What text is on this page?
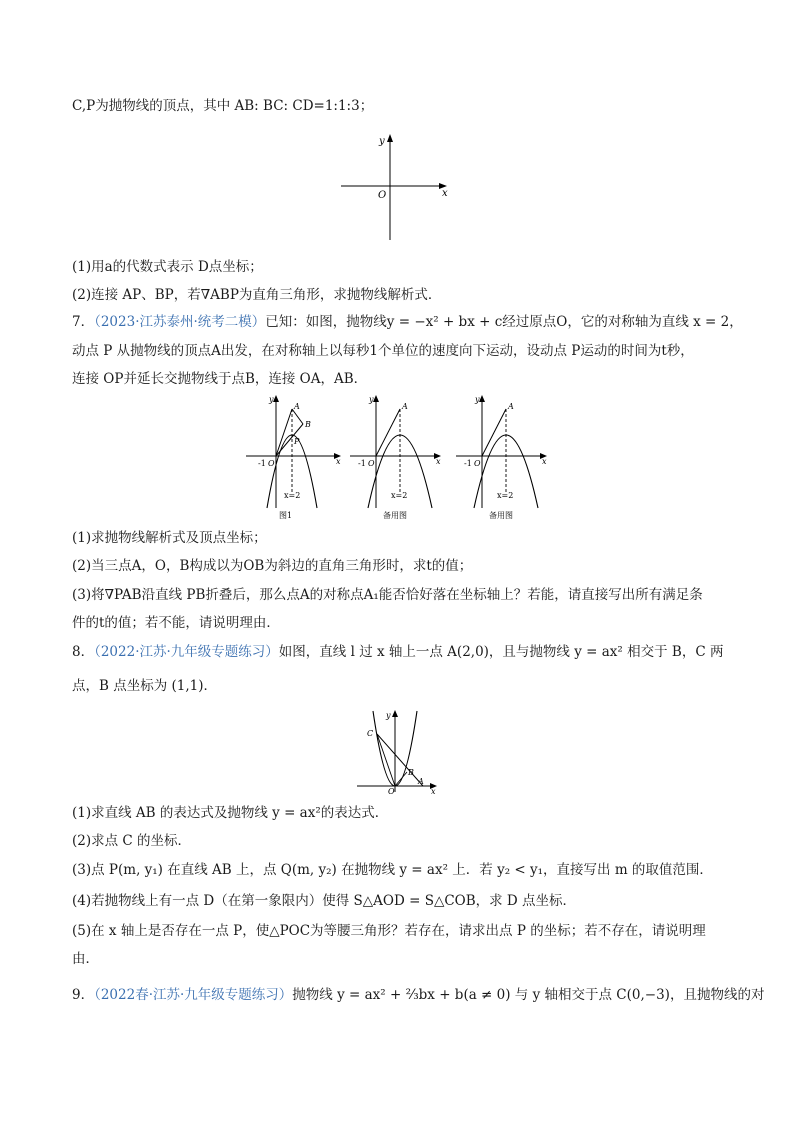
C,P为抛物线的顶点，其中 AB: BC: CD=1:1:3；
y
x
O
(1)用a的代数式表示 D点坐标；
(2)连接 AP、BP，若∇ABP为直角三角形，求抛物线解析式．
7．（2023·江苏泰州·统考二模）已知：如图，抛物线y = −x² + bx + c经过原点O，它的对称轴为直线 x = 2，
动点 P 从抛物线的顶点A出发，在对称轴上以每秒1个单位的速度向下运动，设动点 P运动的时间为t秒，
连接 OP并延长交抛物线于点B，连接 OA，AB．
y
x
-1 O
A
B
P
x=2
图1
y
x
-1 O
A
x=2
备用图
y
x
-1 O
A
x=2
备用图
(1)求抛物线解析式及顶点坐标；
(2)当三点A，O，B构成以为OB为斜边的直角三角形时，求t的值；
(3)将∇PAB沿直线 PB折叠后，那么点A的对称点A₁能否恰好落在坐标轴上？若能，请直接写出所有满足条
件的t的值；若不能，请说明理由．
8．（2022·江苏·九年级专题练习）如图，直线 l 过 x 轴上一点 A(2,0)，且与抛物线 y = ax² 相交于 B，C 两
点，B 点坐标为 (1,1)．
y
x
O
C
B
A
(1)求直线 AB 的表达式及抛物线 y = ax²的表达式．
(2)求点 C 的坐标．
(3)点 P(m, y₁) 在直线 AB 上，点 Q(m, y₂) 在抛物线 y = ax² 上．若 y₂ < y₁，直接写出 m 的取值范围．
(4)若抛物线上有一点 D（在第一象限内）使得 S△AOD = S△COB，求 D 点坐标．
(5)在 x 轴上是否存在一点 P，使△POC为等腰三角形？若存在，请求出点 P 的坐标；若不存在，请说明理
由．
9．（2022春·江苏·九年级专题练习）抛物线 y = ax² + ⅔bx + b(a ≠ 0) 与 y 轴相交于点 C(0,−3)，且抛物线的对
